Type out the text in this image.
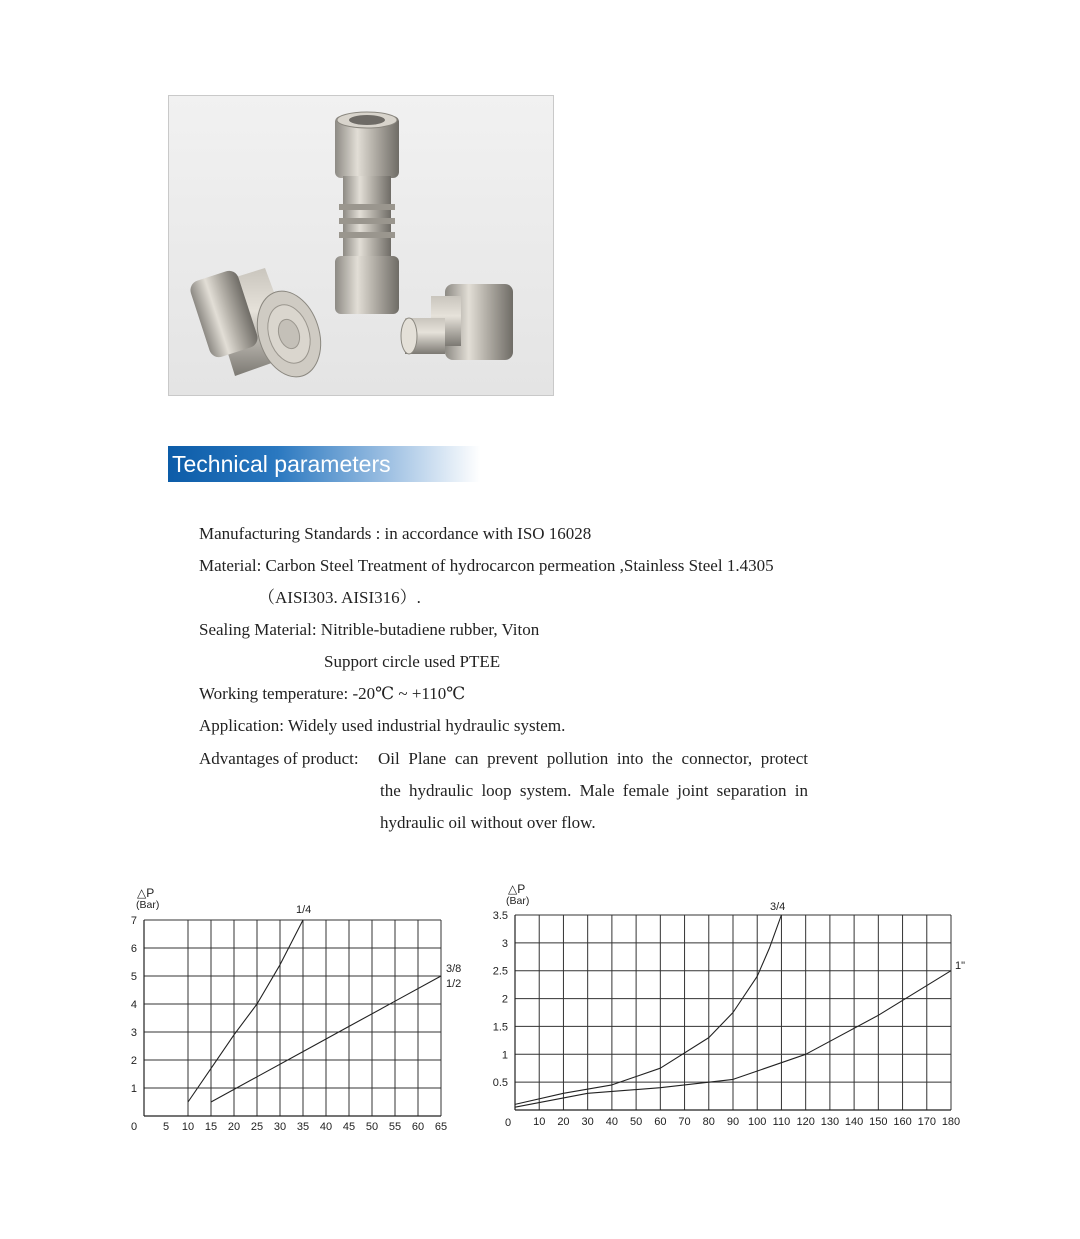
Technical parameters
Manufacturing Standards : in accordance with ISO 16028
Material: Carbon Steel Treatment of hydrocarcon permeation ,Stainless Steel 1.4305
（AISI303. AISI316）.
Sealing Material: Nitrible-butadiene rubber, Viton
Support circle used PTEE
Working temperature: -20℃ ~ +110℃
Application: Widely used industrial hydraulic system.
Advantages of product: Oil Plane can prevent pollution into the connector, protect
the hydraulic loop system. Male female joint separation in
hydraulic oil without over flow.
1
2
3
4
5
6
7
5 10 15 20 25 30 35 40 45 50 55 60 65
0
△P
(Bar)	1/4
3/8
1/2
0.5
1
1.5
2
2.5
3
3.5
10 20 30 40 50 60 70 80 90 100 110 120 130 140 150 160 170 180
0
△P
(Bar)	3/4
1"
